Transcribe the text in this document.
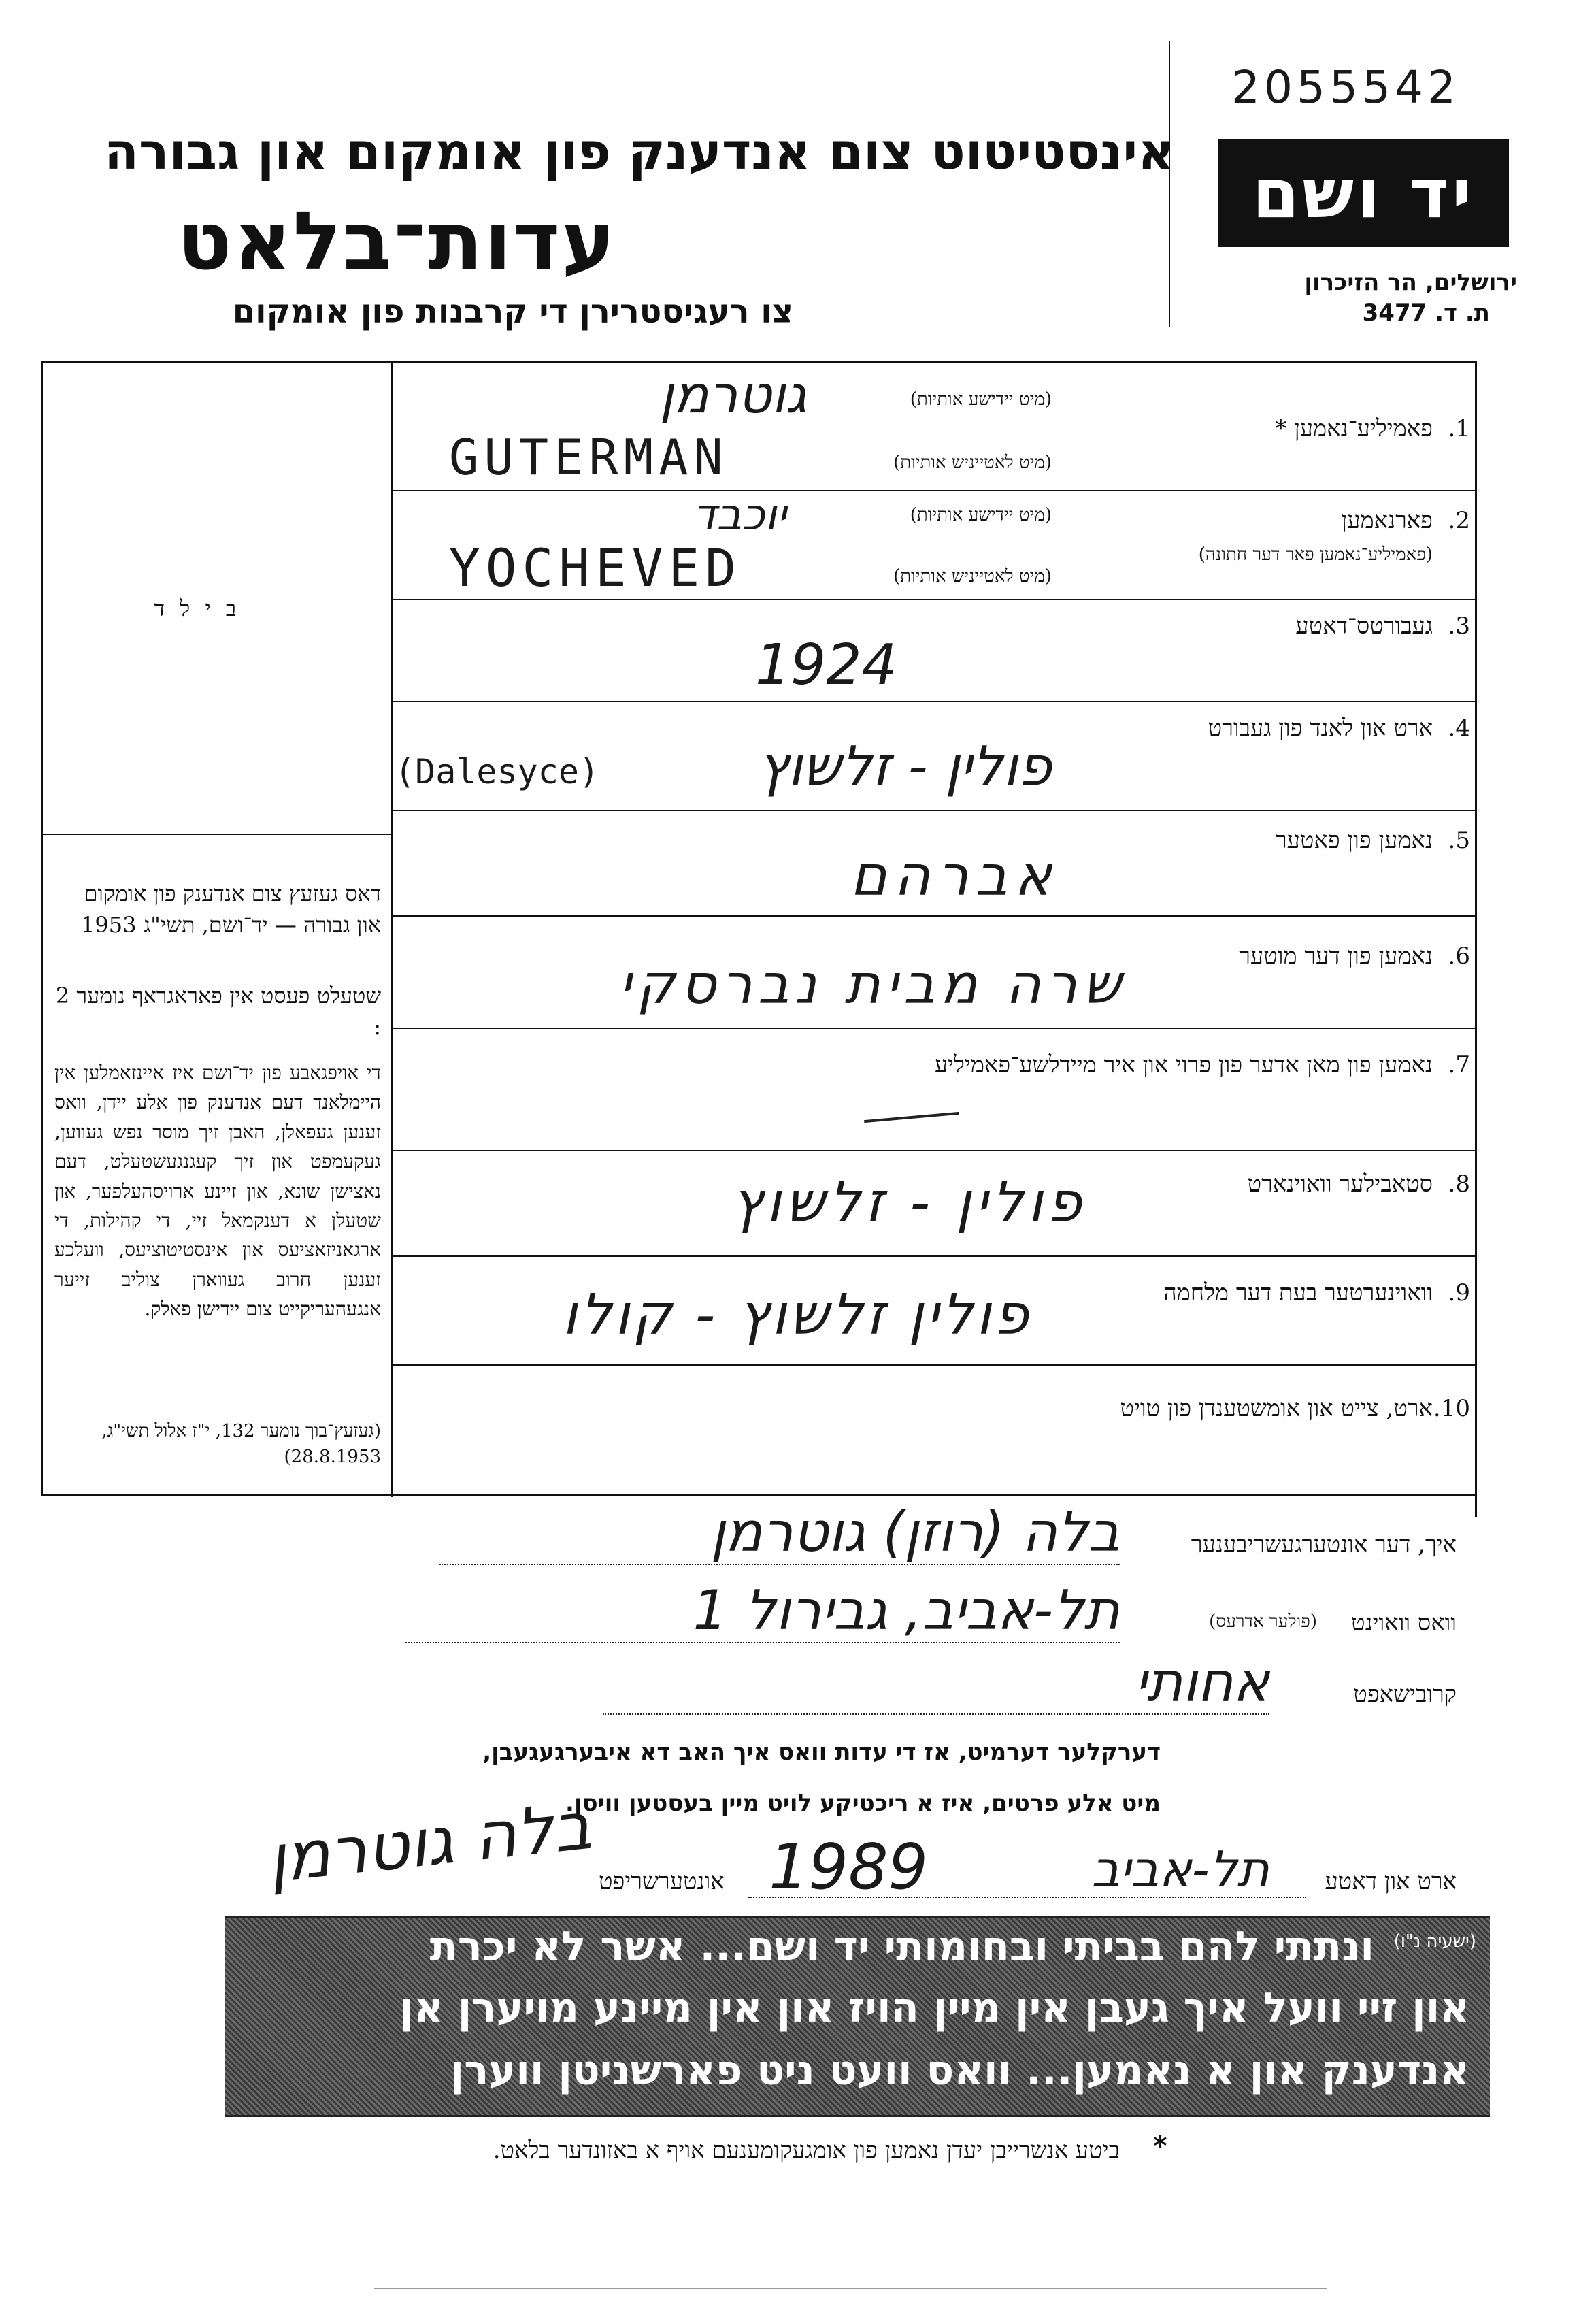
2055542
אינסטיטוט צום אנדענק פון אומקום און גבורה
עדות־בלאט
צו רעגיסטרירן די קרבנות פון אומקום
יד ושם
ירושלים, הר הזיכרון
ת. ד. 3477
ב י ל ד
דאס געזעץ צום אנדענק פון אומקום און גבורה — יד־ושם, תשי"ג 1953
שטעלט פעסט אין פאראגראף נומער 2 :
די אויפגאבע פון יד־ושם איז איינזאמלען אין היימלאנד דעם אנדענק פון אלע יידן, וואס זענען געפאלן, האבן זיך מוסר נפש געווען, געקעמפט און זיך קעגנגעשטעלט, דעם נאצישן שונא, און זיינע ארויסהעלפער, און שטעלן א דענקמאל זיי, די קהילות, די ארגאניזאציעס און אינסטיטוציעס, וועלכע זענען חרוב געווארן צוליב זייער אנגעהעריקייט צום יידישן פאלק.
(געזעץ־בוך נומער 132, י"ז אלול תשי"ג, 28.8.1953)
1.
פאמיליע־נאמען *
(מיט יידישע אותיות)
(מיט לאטייניש אותיות)
גוטרמן
GUTERMAN
2.
פארנאמען
(פאמיליע־נאמען פאר דער חתונה)
(מיט יידישע אותיות)
(מיט לאטייניש אותיות)
יוכבד
YOCHEVED
3.
געבורטס־דאטע
1924
4.
ארט און לאנד פון געבורט
פולין - זלשוץ
(Dalesyce)
5.
נאמען פון פאטער
אברהם
6.
נאמען פון דער מוטער
שרה מבית נברסקי
7.
נאמען פון מאן אדער פון פרוי און איר מיידלשע־פאמיליע
8.
סטאבילער וואוינארט
פולין - זלשוץ
9.
וואוינערטער בעת דער מלחמה
פולין זלשוץ - קולו
10.
ארט, צייט און אומשטענדן פון טויט
איך, דער אונטערגעשריבענער
בלה (רוזן) גוטרמן
וואס וואוינט
(פולער אדרעס)
תל-אביב, גבירול 1
קרובישאפט
אחותי
דערקלער דערמיט, אז די עדות וואס איך האב דא איבערגעגעבן,
מיט אלע פרטים, איז א ריכטיקע לויט מיין בעסטען וויסן.
ארט און דאטע
תל-אביב
1989
אונטערשריפט
בלה גוטרמן
ונתתי להם בביתי ובחומותי יד ושם... אשר לא יכרת (ישעיה נ"ו)
און זיי וועל איך געבן אין מיין הויז און אין מיינע מויערן אן
אנדענק און א נאמען... וואס וועט ניט פארשניטן ווערן
*
ביטע אנשרייבן יעדן נאמען פון אומגעקומענעם אויף א באזונדער בלאט.
